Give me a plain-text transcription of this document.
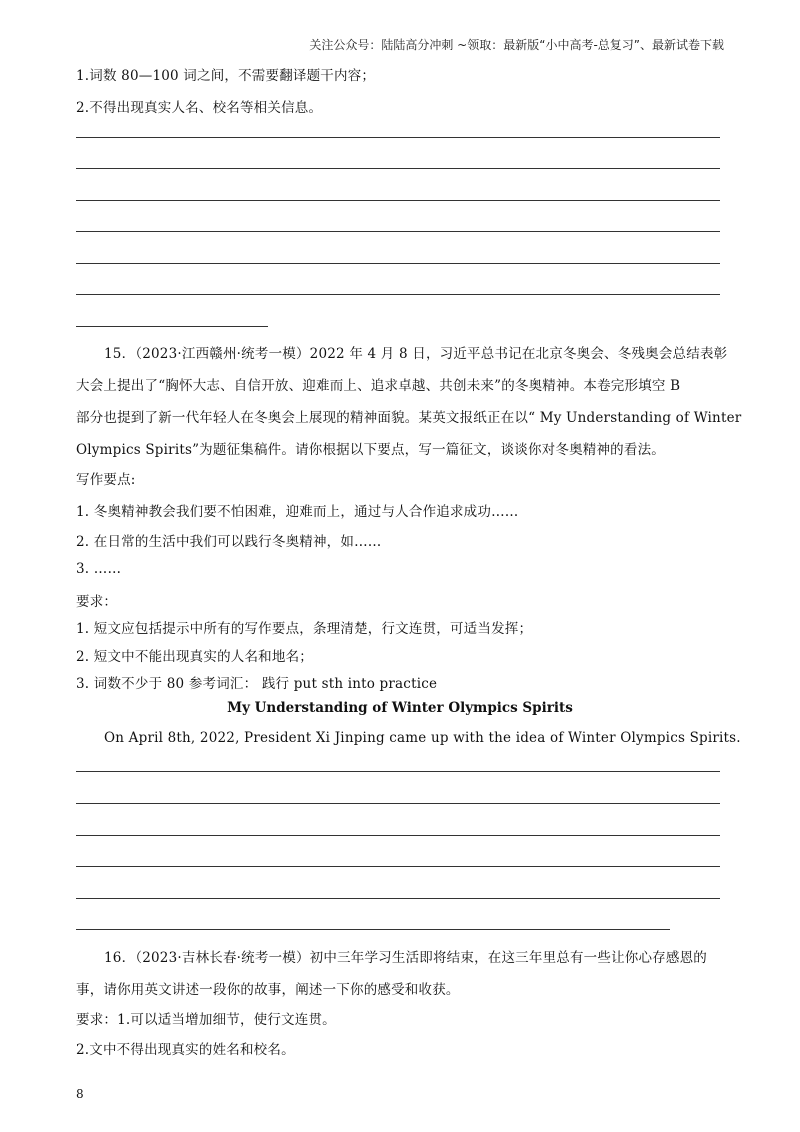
关注公众号：陆陆高分冲刺 ~领取：最新版“小中高考-总复习”、最新试卷下载
1.词数 80—100 词之间，不需要翻译题干内容；
2.不得出现真实人名、校名等相关信息。
15．（2023·江西赣州·统考一模）2022 年 4 月 8 日，习近平总书记在北京冬奥会、冬残奥会总结表彰
大会上提出了“胸怀大志、自信开放、迎难而上、追求卓越、共创未来”的冬奥精神。本卷完形填空 B
部分也提到了新一代年轻人在冬奥会上展现的精神面貌。某英文报纸正在以“ My Understanding of Winter
Olympics Spirits”为题征集稿件。请你根据以下要点，写一篇征文，谈谈你对冬奥精神的看法。
写作要点:
1. 冬奥精神教会我们要不怕困难，迎难而上，通过与人合作追求成功……
2. 在日常的生活中我们可以践行冬奥精神，如……
3. ……
要求：
1. 短文应包括提示中所有的写作要点，条理清楚，行文连贯，可适当发挥；
2. 短文中不能出现真实的人名和地名；
3. 词数不少于 80 参考词汇： 践行 put sth into practice
My Understanding of Winter Olympics Spirits
On April 8th, 2022, President Xi Jinping came up with the idea of Winter Olympics Spirits.
16．（2023·吉林长春·统考一模）初中三年学习生活即将结束，在这三年里总有一些让你心存感恩的
事，请你用英文讲述一段你的故事，阐述一下你的感受和收获。
要求：1.可以适当增加细节，使行文连贯。
2.文中不得出现真实的姓名和校名。
8
